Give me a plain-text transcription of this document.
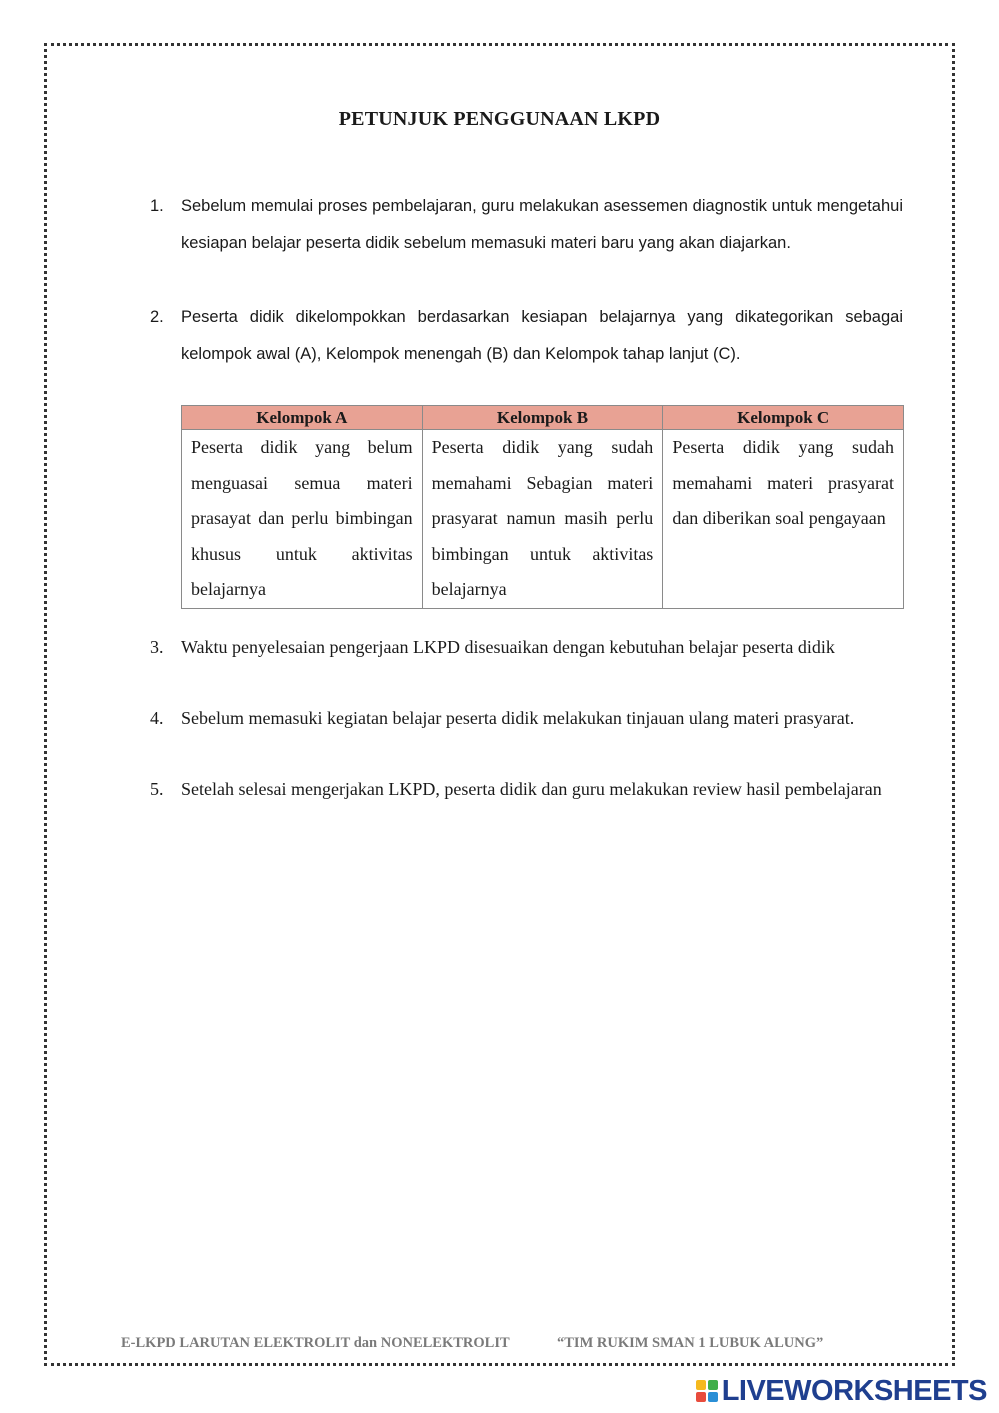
PETUNJUK PENGGUNAAN LKPD
1. Sebelum memulai proses pembelajaran, guru melakukan asessemen diagnostik untuk mengetahui kesiapan belajar peserta didik sebelum memasuki materi baru yang akan diajarkan.
2. Peserta didik dikelompokkan berdasarkan kesiapan belajarnya yang dikategorikan sebagai kelompok awal (A), Kelompok menengah (B) dan Kelompok tahap lanjut (C).
3. Waktu penyelesaian pengerjaan LKPD disesuaikan dengan kebutuhan belajar peserta didik
4. Sebelum memasuki kegiatan belajar peserta didik melakukan tinjauan ulang materi prasyarat.
5. Setelah selesai mengerjakan LKPD, peserta didik dan guru melakukan review hasil pembelajaran
Kelompok A	Kelompok B	Kelompok C
Peserta didik yang belum menguasai semua materi prasayat dan perlu bimbingan khusus untuk aktivitas belajarnya	Peserta didik yang sudah memahami Sebagian materi prasyarat namun masih perlu bimbingan untuk aktivitas belajarnya	Peserta didik yang sudah memahami materi prasyarat dan diberikan soal pengayaan
E-LKPD LARUTAN ELEKTROLIT dan NONELEKTROLIT	“TIM RUKIM SMAN 1 LUBUK ALUNG”
LIVEWORKSHEETS
